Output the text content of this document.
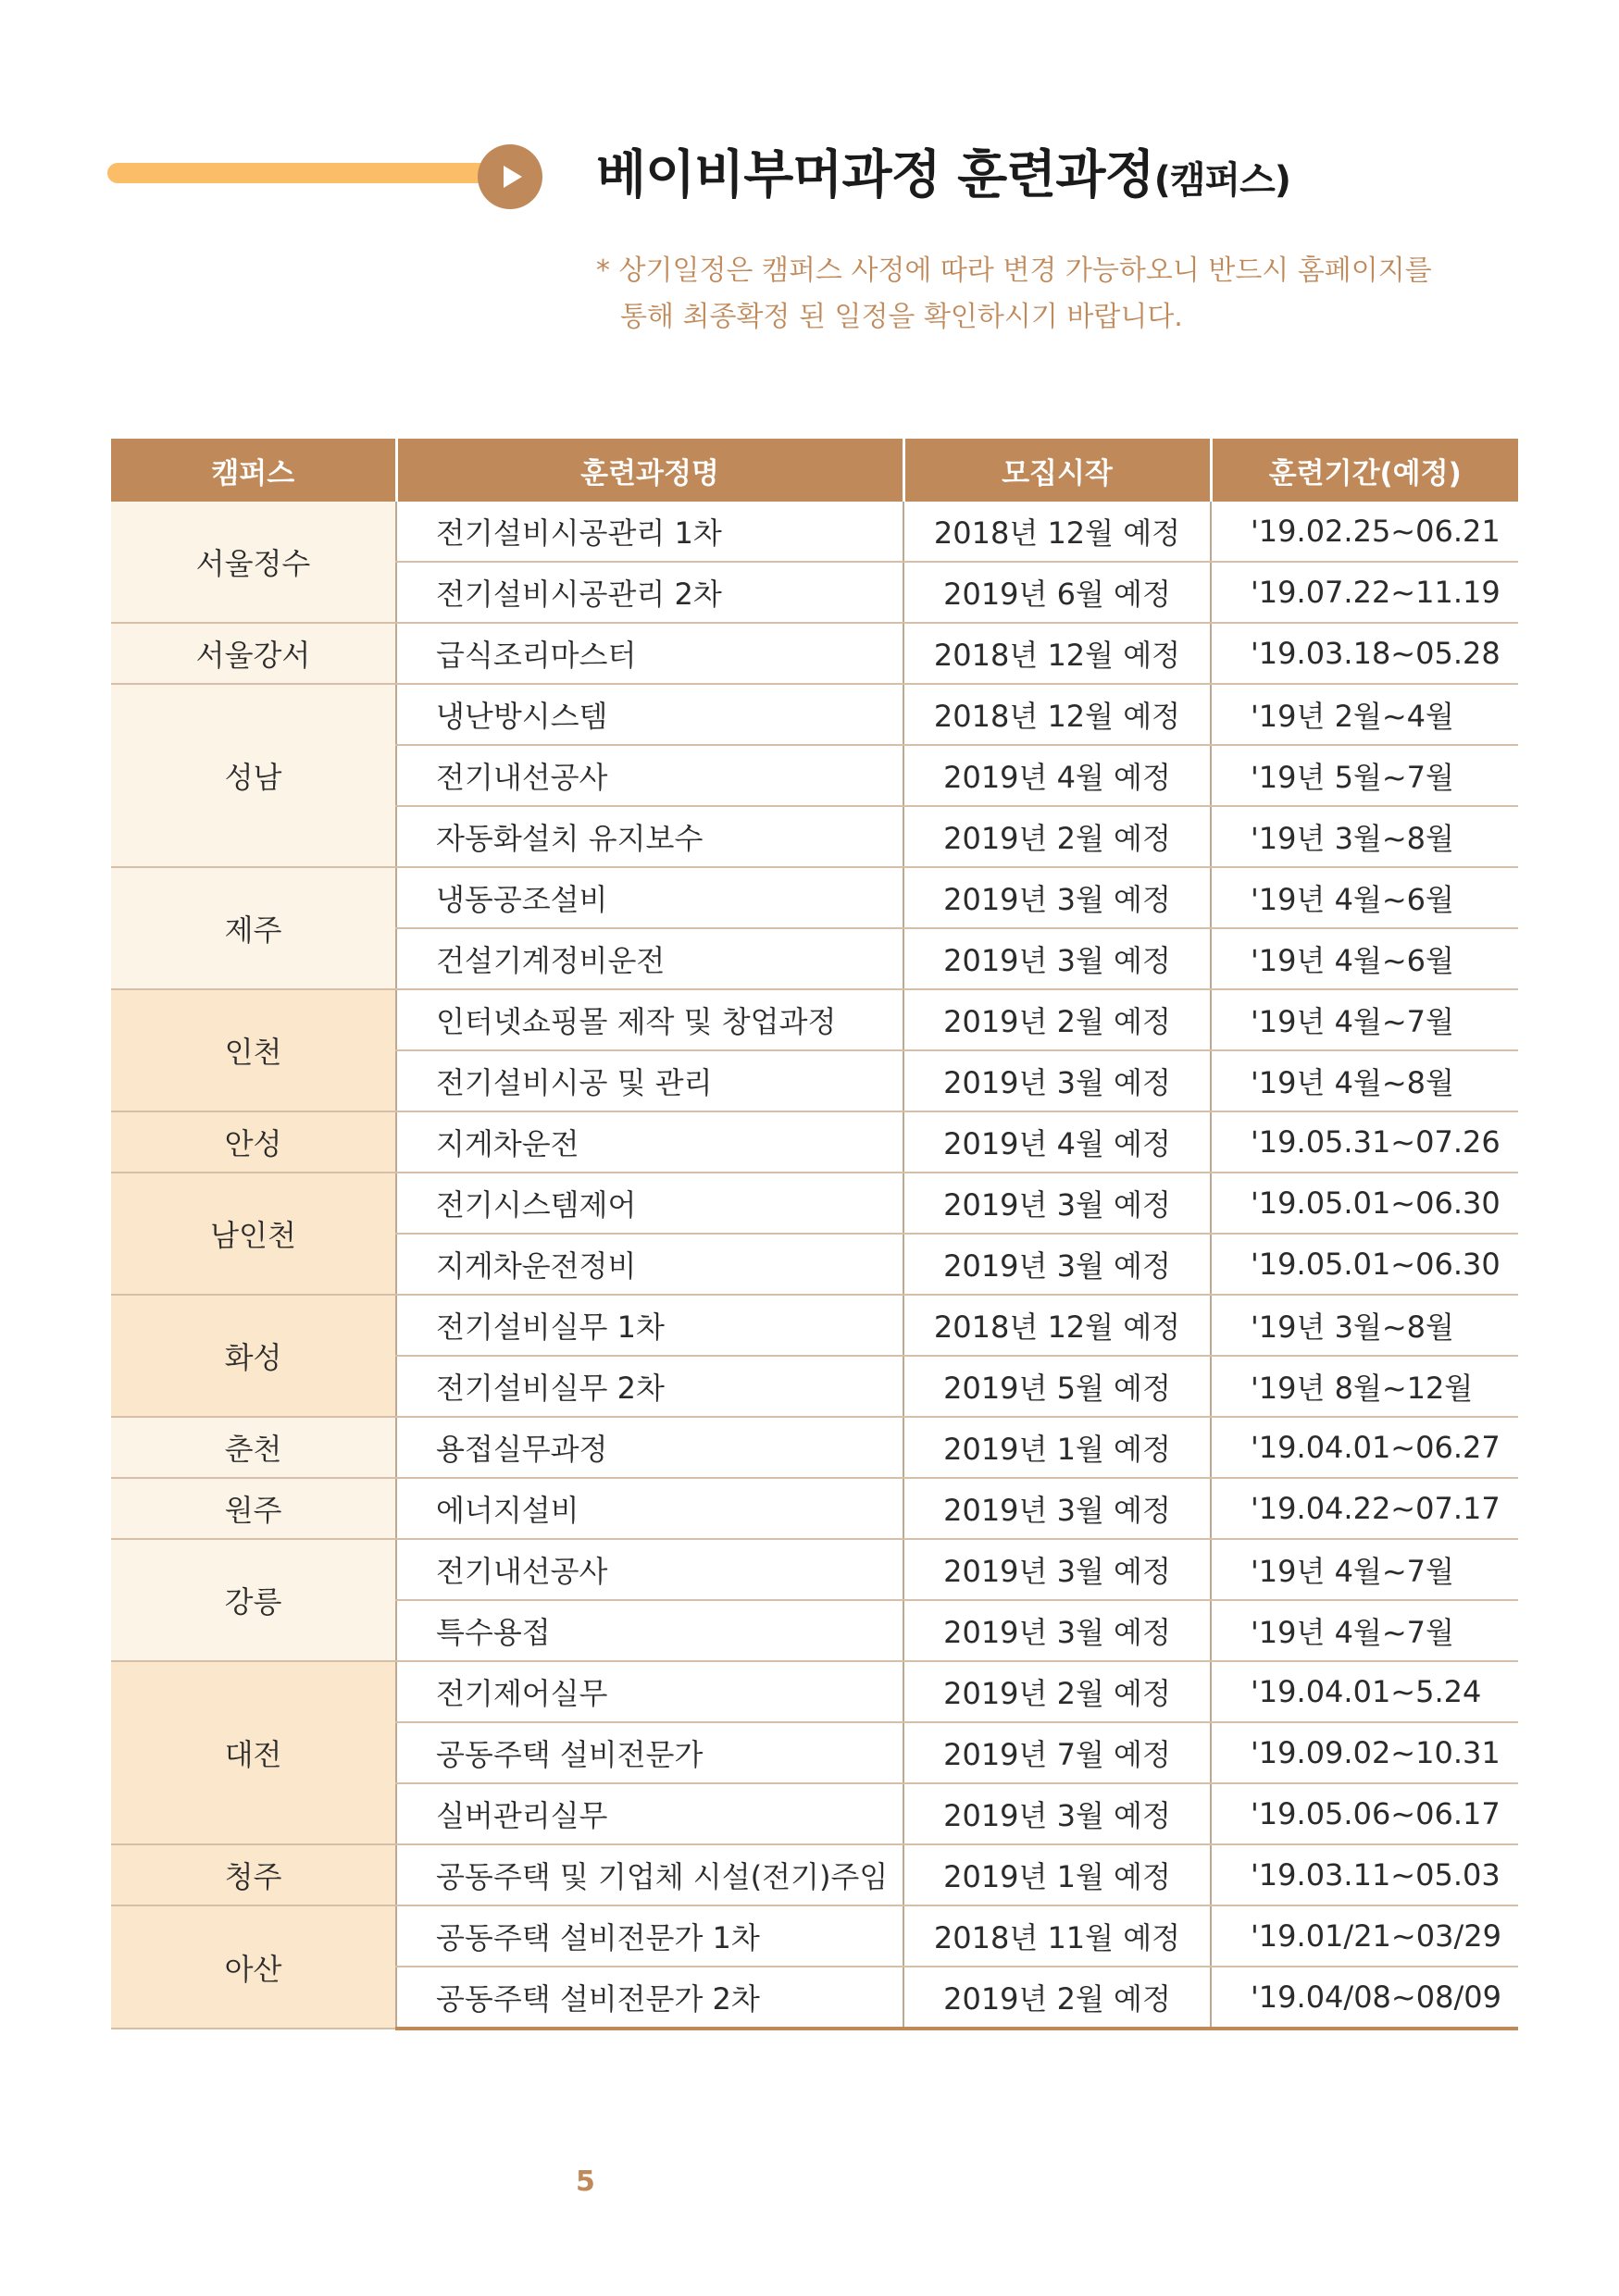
베이비부머과정 훈련과정(캠퍼스)
* 상기일정은 캠퍼스 사정에 따라 변경 가능하오니 반드시 홈페이지를
통해 최종확정 된 일정을 확인하시기 바랍니다.
캠퍼스	훈련과정명	모집시작	훈련기간(예정)
서울정수	전기설비시공관리 1차	2018년 12월 예정	'19.02.25~06.21
	전기설비시공관리 2차	2019년 6월 예정	'19.07.22~11.19
서울강서	급식조리마스터	2018년 12월 예정	'19.03.18~05.28
성남	냉난방시스템	2018년 12월 예정	'19년 2월~4월
	전기내선공사	2019년 4월 예정	'19년 5월~7월
	자동화설치 유지보수	2019년 2월 예정	'19년 3월~8월
제주	냉동공조설비	2019년 3월 예정	'19년 4월~6월
	건설기계정비운전	2019년 3월 예정	'19년 4월~6월
인천	인터넷쇼핑몰 제작 및 창업과정	2019년 2월 예정	'19년 4월~7월
	전기설비시공 및 관리	2019년 3월 예정	'19년 4월~8월
안성	지게차운전	2019년 4월 예정	'19.05.31~07.26
남인천	전기시스템제어	2019년 3월 예정	'19.05.01~06.30
	지게차운전정비	2019년 3월 예정	'19.05.01~06.30
화성	전기설비실무 1차	2018년 12월 예정	'19년 3월~8월
	전기설비실무 2차	2019년 5월 예정	'19년 8월~12월
춘천	용접실무과정	2019년 1월 예정	'19.04.01~06.27
원주	에너지설비	2019년 3월 예정	'19.04.22~07.17
강릉	전기내선공사	2019년 3월 예정	'19년 4월~7월
	특수용접	2019년 3월 예정	'19년 4월~7월
대전	전기제어실무	2019년 2월 예정	'19.04.01~5.24
	공동주택 설비전문가	2019년 7월 예정	'19.09.02~10.31
	실버관리실무	2019년 3월 예정	'19.05.06~06.17
청주	공동주택 및 기업체 시설(전기)주임	2019년 1월 예정	'19.03.11~05.03
아산	공동주택 설비전문가 1차	2018년 11월 예정	'19.01/21~03/29
	공동주택 설비전문가 2차	2019년 2월 예정	'19.04/08~08/09
5
